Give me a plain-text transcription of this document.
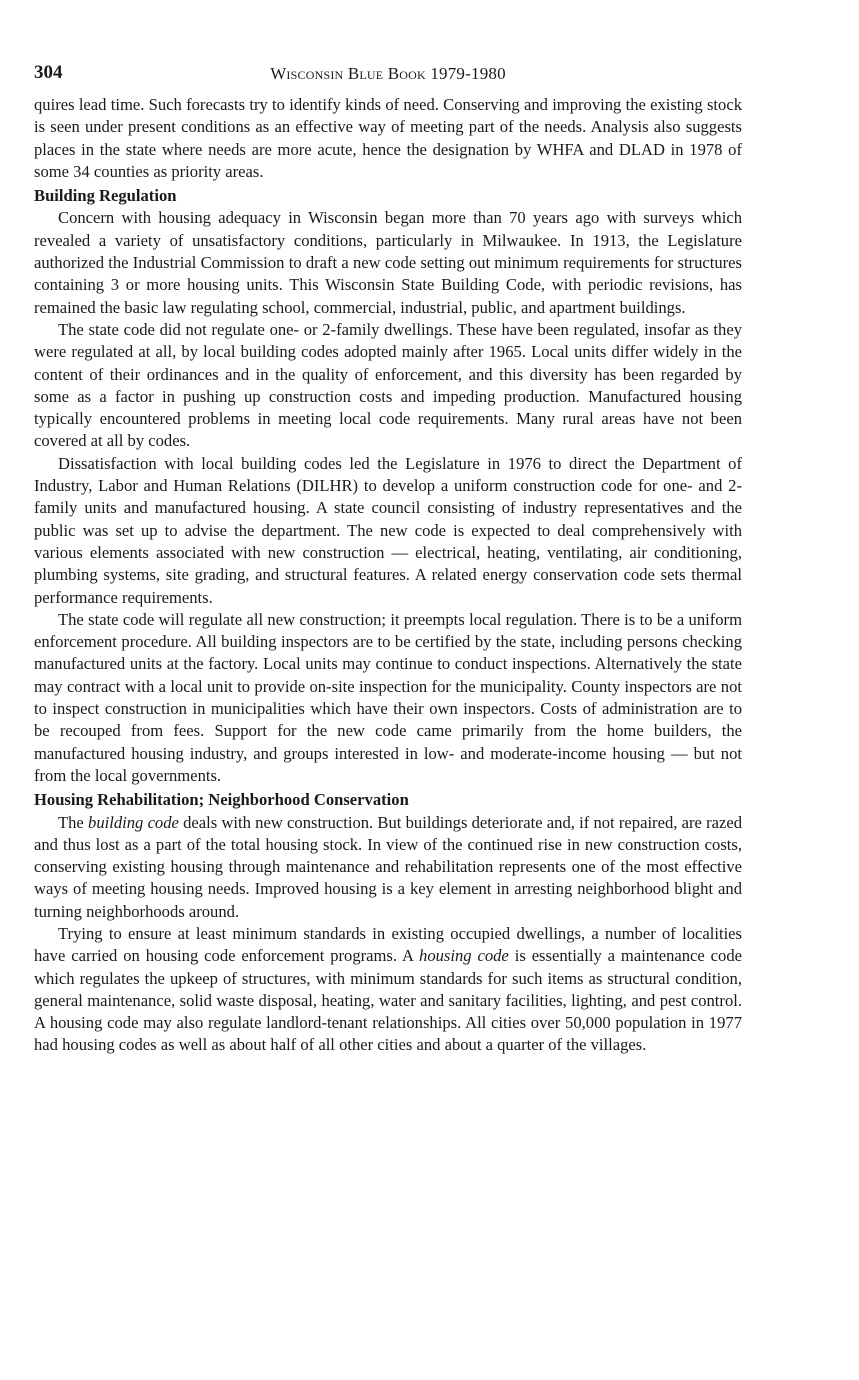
304	Wisconsin Blue Book 1979-1980

quires lead time. Such forecasts try to identify kinds of need. Conserving and improving the existing stock is seen under present conditions as an effective way of meeting part of the needs. Analysis also suggests places in the state where needs are more acute, hence the designation by WHFA and DLAD in 1978 of some 34 counties as priority areas.

Building Regulation

Concern with housing adequacy in Wisconsin began more than 70 years ago with surveys which revealed a variety of unsatisfactory conditions, particularly in Milwaukee. In 1913, the Legislature authorized the Industrial Commission to draft a new code setting out minimum requirements for structures containing 3 or more housing units. This Wisconsin State Building Code, with periodic revisions, has remained the basic law regulating school, commercial, industrial, public, and apartment buildings.

The state code did not regulate one- or 2-family dwellings. These have been regulated, insofar as they were regulated at all, by local building codes adopted mainly after 1965. Local units differ widely in the content of their ordinances and in the quality of enforcement, and this diversity has been regarded by some as a factor in pushing up construction costs and impeding production. Manufactured housing typically encountered problems in meeting local code requirements. Many rural areas have not been covered at all by codes.

Dissatisfaction with local building codes led the Legislature in 1976 to direct the Department of Industry, Labor and Human Relations (DILHR) to develop a uniform construction code for one- and 2-family units and manufactured housing. A state council consisting of industry representatives and the public was set up to advise the department. The new code is expected to deal comprehensively with various elements associated with new construction — electrical, heating, ventilating, air conditioning, plumbing systems, site grading, and structural features. A related energy conservation code sets thermal performance requirements.

The state code will regulate all new construction; it preempts local regulation. There is to be a uniform enforcement procedure. All building inspectors are to be certified by the state, including persons checking manufactured units at the factory. Local units may continue to conduct inspections. Alternatively the state may contract with a local unit to provide on-site inspection for the municipality. County inspectors are not to inspect construction in municipalities which have their own inspectors. Costs of administration are to be recouped from fees. Support for the new code came primarily from the home builders, the manufactured housing industry, and groups interested in low- and moderate-income housing — but not from the local governments.

Housing Rehabilitation; Neighborhood Conservation

The building code deals with new construction. But buildings deteriorate and, if not repaired, are razed and thus lost as a part of the total housing stock. In view of the continued rise in new construction costs, conserving existing housing through maintenance and rehabilitation represents one of the most effective ways of meeting housing needs. Improved housing is a key element in arresting neighborhood blight and turning neighborhoods around.

Trying to ensure at least minimum standards in existing occupied dwellings, a number of localities have carried on housing code enforcement programs. A housing code is essentially a maintenance code which regulates the upkeep of structures, with minimum standards for such items as structural condition, general maintenance, solid waste disposal, heating, water and sanitary facilities, lighting, and pest control. A housing code may also regulate landlord-tenant relationships. All cities over 50,000 population in 1977 had housing codes as well as about half of all other cities and about a quarter of the villages.
